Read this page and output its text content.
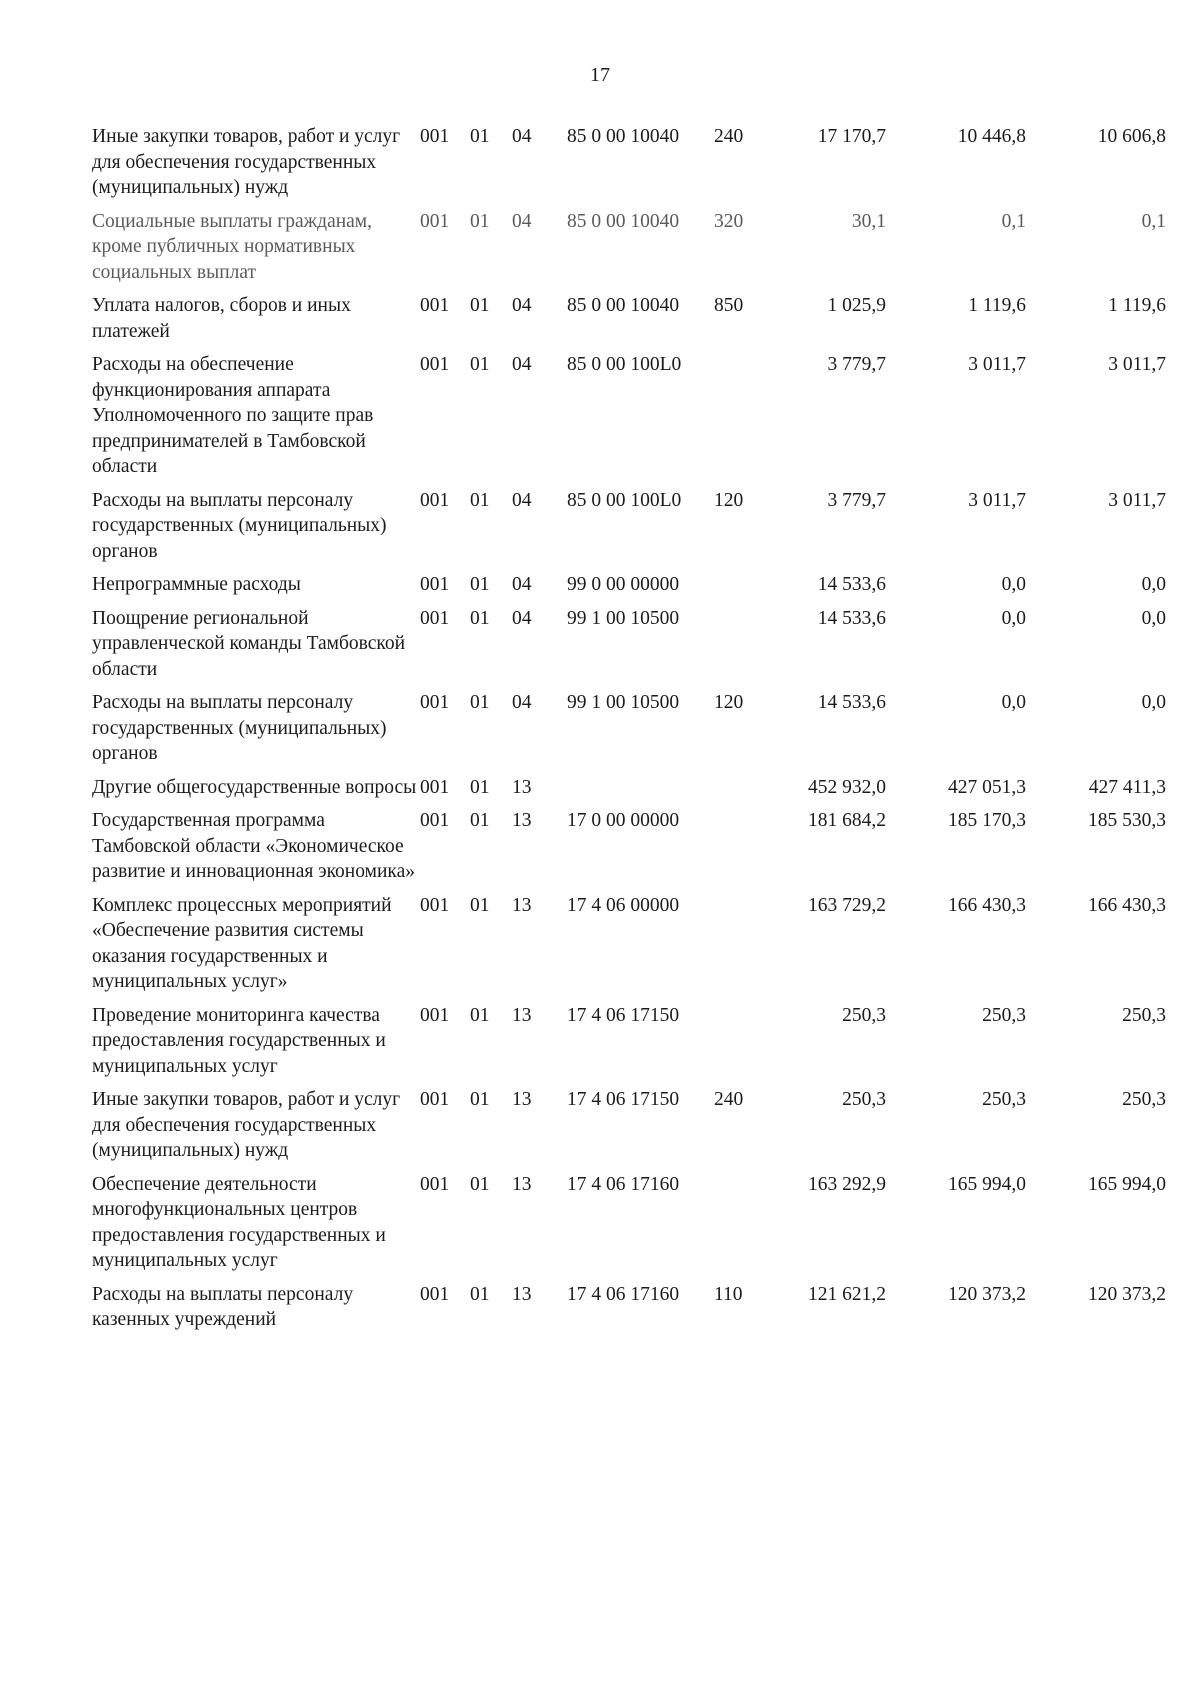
17
Иные закупки товаров, работ и услуг для обеспечения государственных (муниципальных) нужд	001	01	04	85 0 00 10040	240	17 170,7	10 446,8	10 606,8
Социальные выплаты гражданам, кроме публичных нормативных социальных выплат	001	01	04	85 0 00 10040	320	30,1	0,1	0,1
Уплата налогов, сборов и иных платежей	001	01	04	85 0 00 10040	850	1 025,9	1 119,6	1 119,6
Расходы на обеспечение функционирования аппарата Уполномоченного по защите прав предпринимателей в Тамбовской области	001	01	04	85 0 00 100L0		3 779,7	3 011,7	3 011,7
Расходы на выплаты персоналу государственных (муниципальных) органов	001	01	04	85 0 00 100L0	120	3 779,7	3 011,7	3 011,7
Непрограммные расходы	001	01	04	99 0 00 00000		14 533,6	0,0	0,0
Поощрение региональной управленческой команды Тамбовской области	001	01	04	99 1 00 10500		14 533,6	0,0	0,0
Расходы на выплаты персоналу государственных (муниципальных) органов	001	01	04	99 1 00 10500	120	14 533,6	0,0	0,0
Другие общегосударственные вопросы	001	01	13			452 932,0	427 051,3	427 411,3
Государственная программа Тамбовской области «Экономическое развитие и инновационная экономика»	001	01	13	17 0 00 00000		181 684,2	185 170,3	185 530,3
Комплекс процессных мероприятий «Обеспечение развития системы оказания государственных и муниципальных услуг»	001	01	13	17 4 06 00000		163 729,2	166 430,3	166 430,3
Проведение мониторинга качества предоставления государственных и муниципальных услуг	001	01	13	17 4 06 17150		250,3	250,3	250,3
Иные закупки товаров, работ и услуг для обеспечения государственных (муниципальных) нужд	001	01	13	17 4 06 17150	240	250,3	250,3	250,3
Обеспечение деятельности многофункциональных центров предоставления государственных и муниципальных услуг	001	01	13	17 4 06 17160		163 292,9	165 994,0	165 994,0
Расходы на выплаты персоналу казенных учреждений	001	01	13	17 4 06 17160	110	121 621,2	120 373,2	120 373,2
